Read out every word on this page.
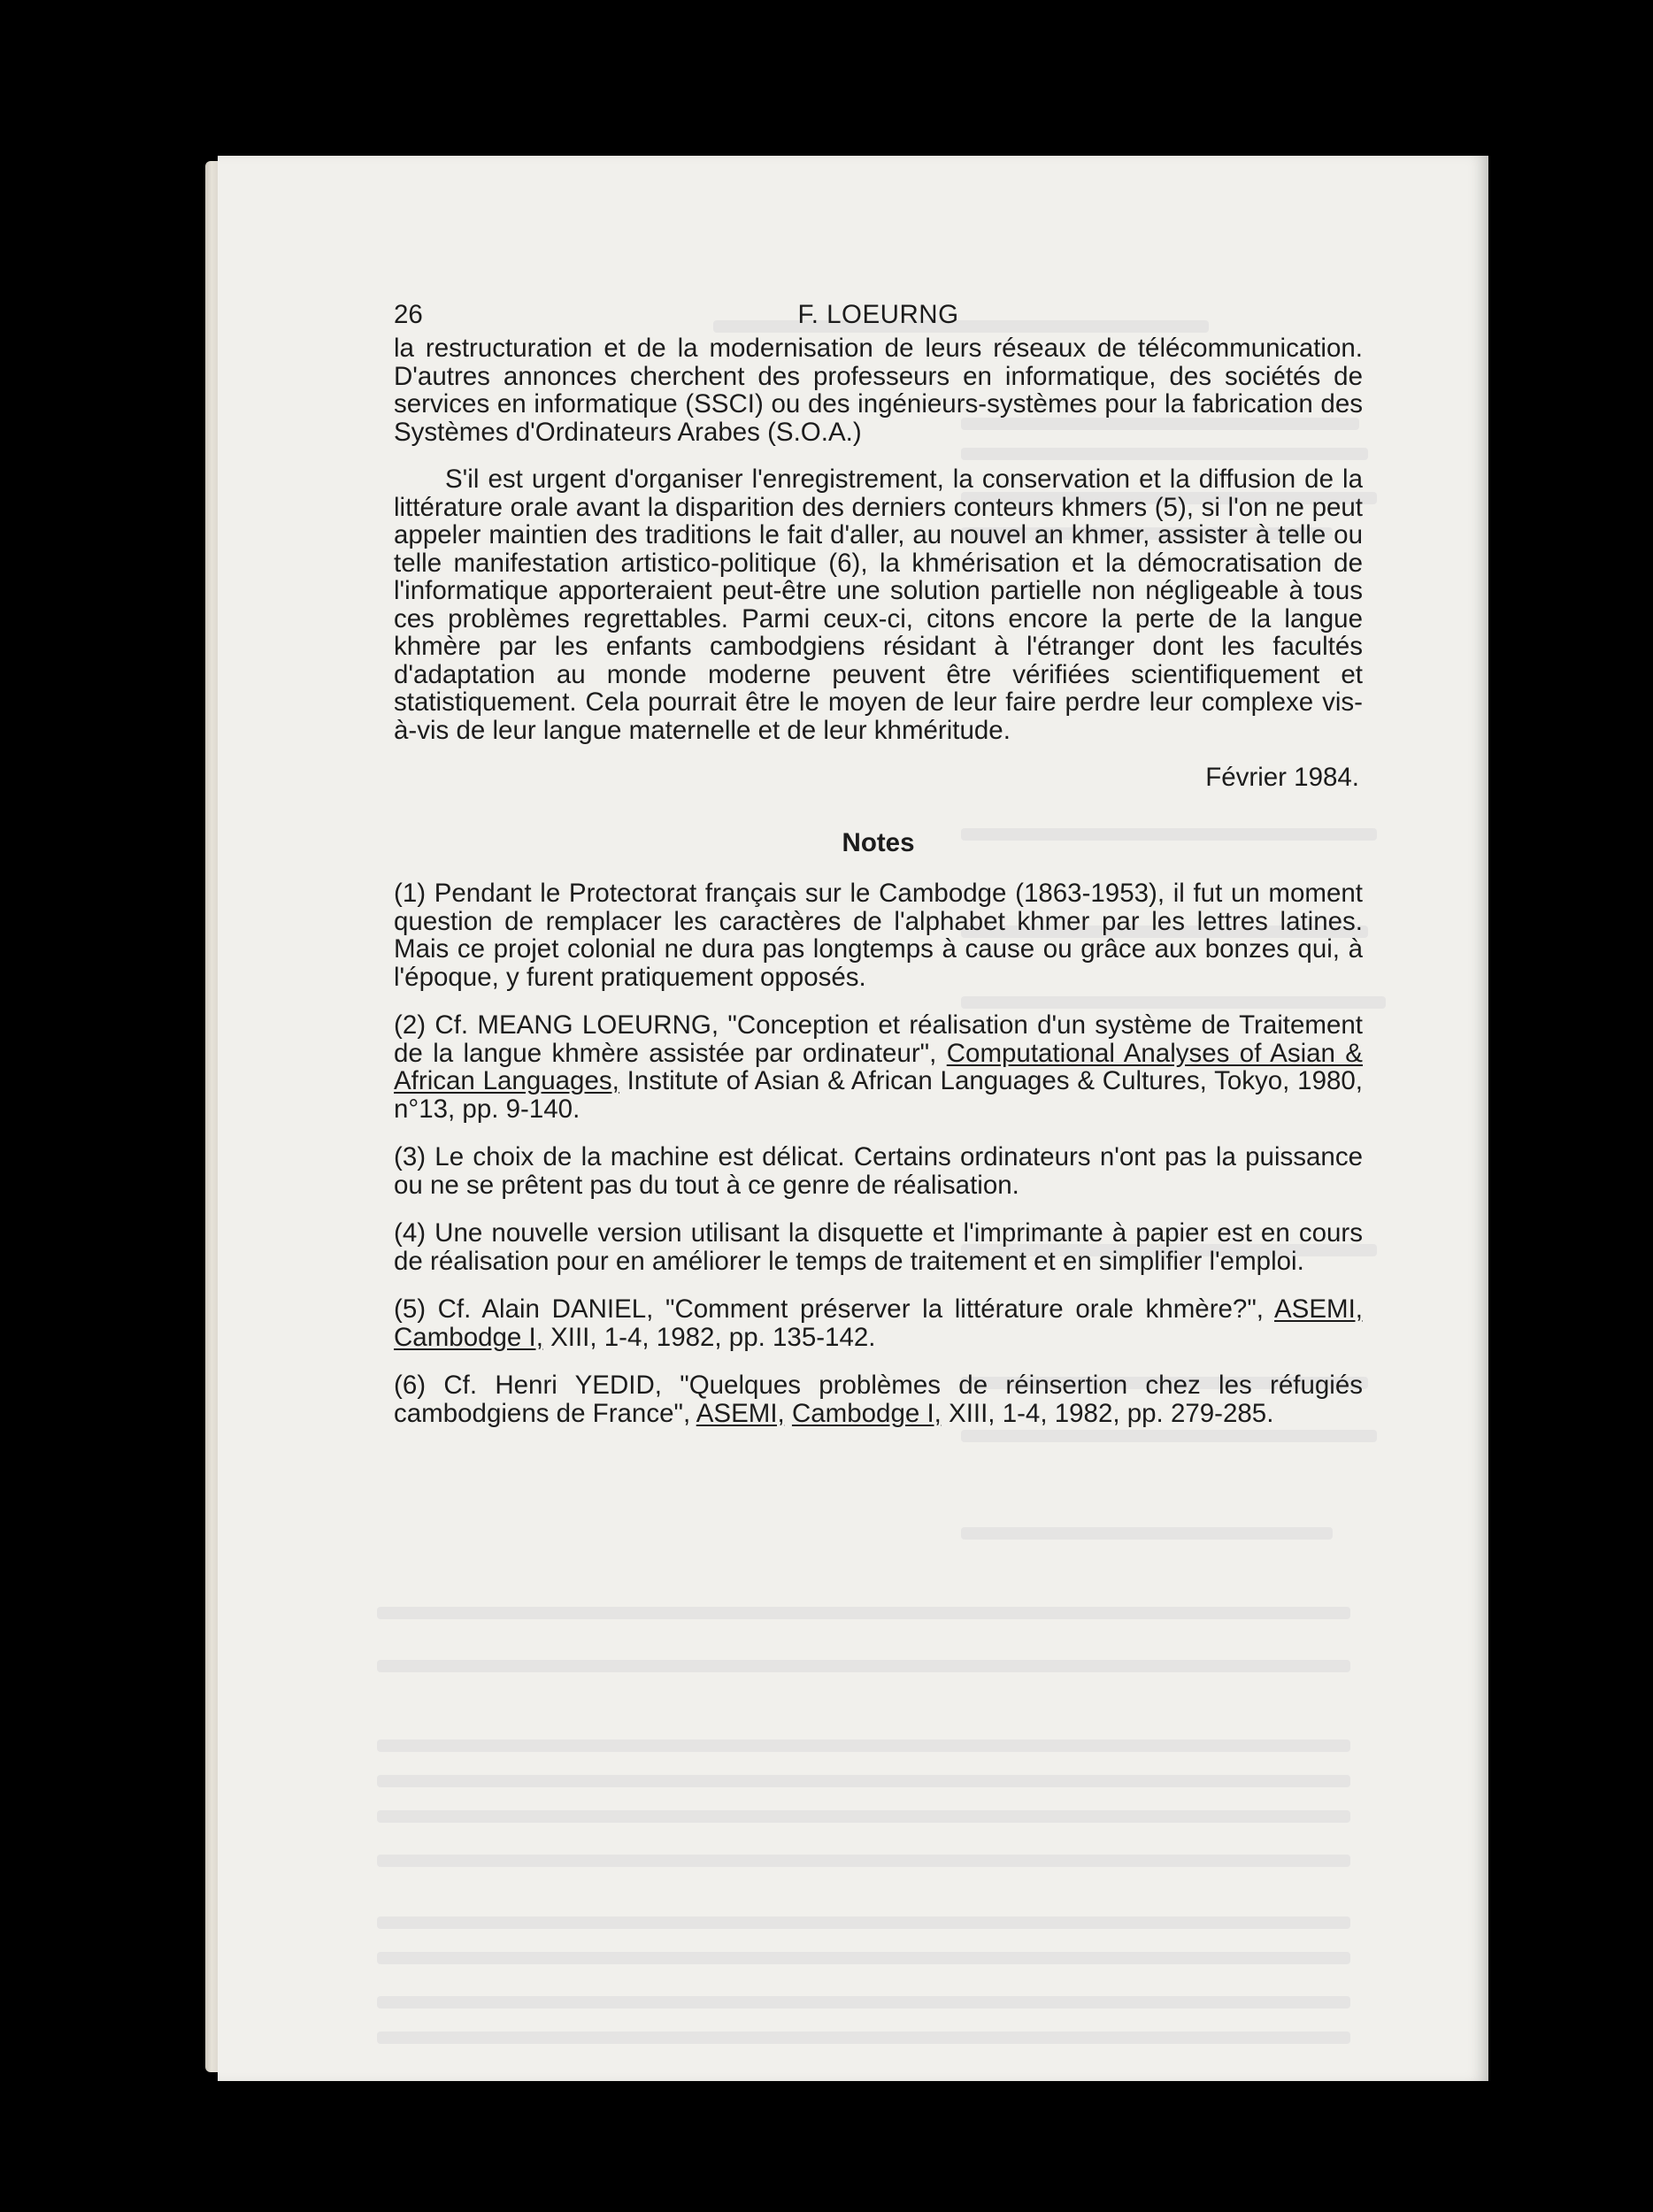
26	F. LOEURNG

la restructuration et de la modernisation de leurs réseaux de télécommunication. D'autres annonces cherchent des professeurs en informatique, des sociétés de services en informatique (SSCI) ou des ingénieurs-systèmes pour la fabrication des Systèmes d'Ordinateurs Arabes (S.O.A.)

S'il est urgent d'organiser l'enregistrement, la conservation et la diffusion de la littérature orale avant la disparition des derniers conteurs khmers (5), si l'on ne peut appeler maintien des traditions le fait d'aller, au nouvel an khmer, assister à telle ou telle manifestation artistico-politique (6), la khmérisation et la démocratisation de l'informatique apporteraient peut-être une solution partielle non négligeable à tous ces problèmes regrettables. Parmi ceux-ci, citons encore la perte de la langue khmère par les enfants cambodgiens résidant à l'étranger dont les facultés d'adaptation au monde moderne peuvent être vérifiées scientifiquement et statistiquement. Cela pourrait être le moyen de leur faire perdre leur complexe vis-à-vis de leur langue maternelle et de leur khméritude.

Février 1984.

Notes

(1) Pendant le Protectorat français sur le Cambodge (1863-1953), il fut un moment question de remplacer les caractères de l'alphabet khmer par les lettres latines. Mais ce projet colonial ne dura pas longtemps à cause ou grâce aux bonzes qui, à l'époque, y furent pratiquement opposés.

(2) Cf. MEANG LOEURNG, "Conception et réalisation d'un système de Traitement de la langue khmère assistée par ordinateur", Computational Analyses of Asian & African Languages, Institute of Asian & African Languages & Cultures, Tokyo, 1980, n°13, pp. 9-140.

(3) Le choix de la machine est délicat. Certains ordinateurs n'ont pas la puissance ou ne se prêtent pas du tout à ce genre de réalisation.

(4) Une nouvelle version utilisant la disquette et l'imprimante à papier est en cours de réalisation pour en améliorer le temps de traitement et en simplifier l'emploi.

(5) Cf. Alain DANIEL, "Comment préserver la littérature orale khmère?", ASEMI, Cambodge I, XIII, 1-4, 1982, pp. 135-142.

(6) Cf. Henri YEDID, "Quelques problèmes de réinsertion chez les réfugiés cambodgiens de France", ASEMI, Cambodge I, XIII, 1-4, 1982, pp. 279-285.
